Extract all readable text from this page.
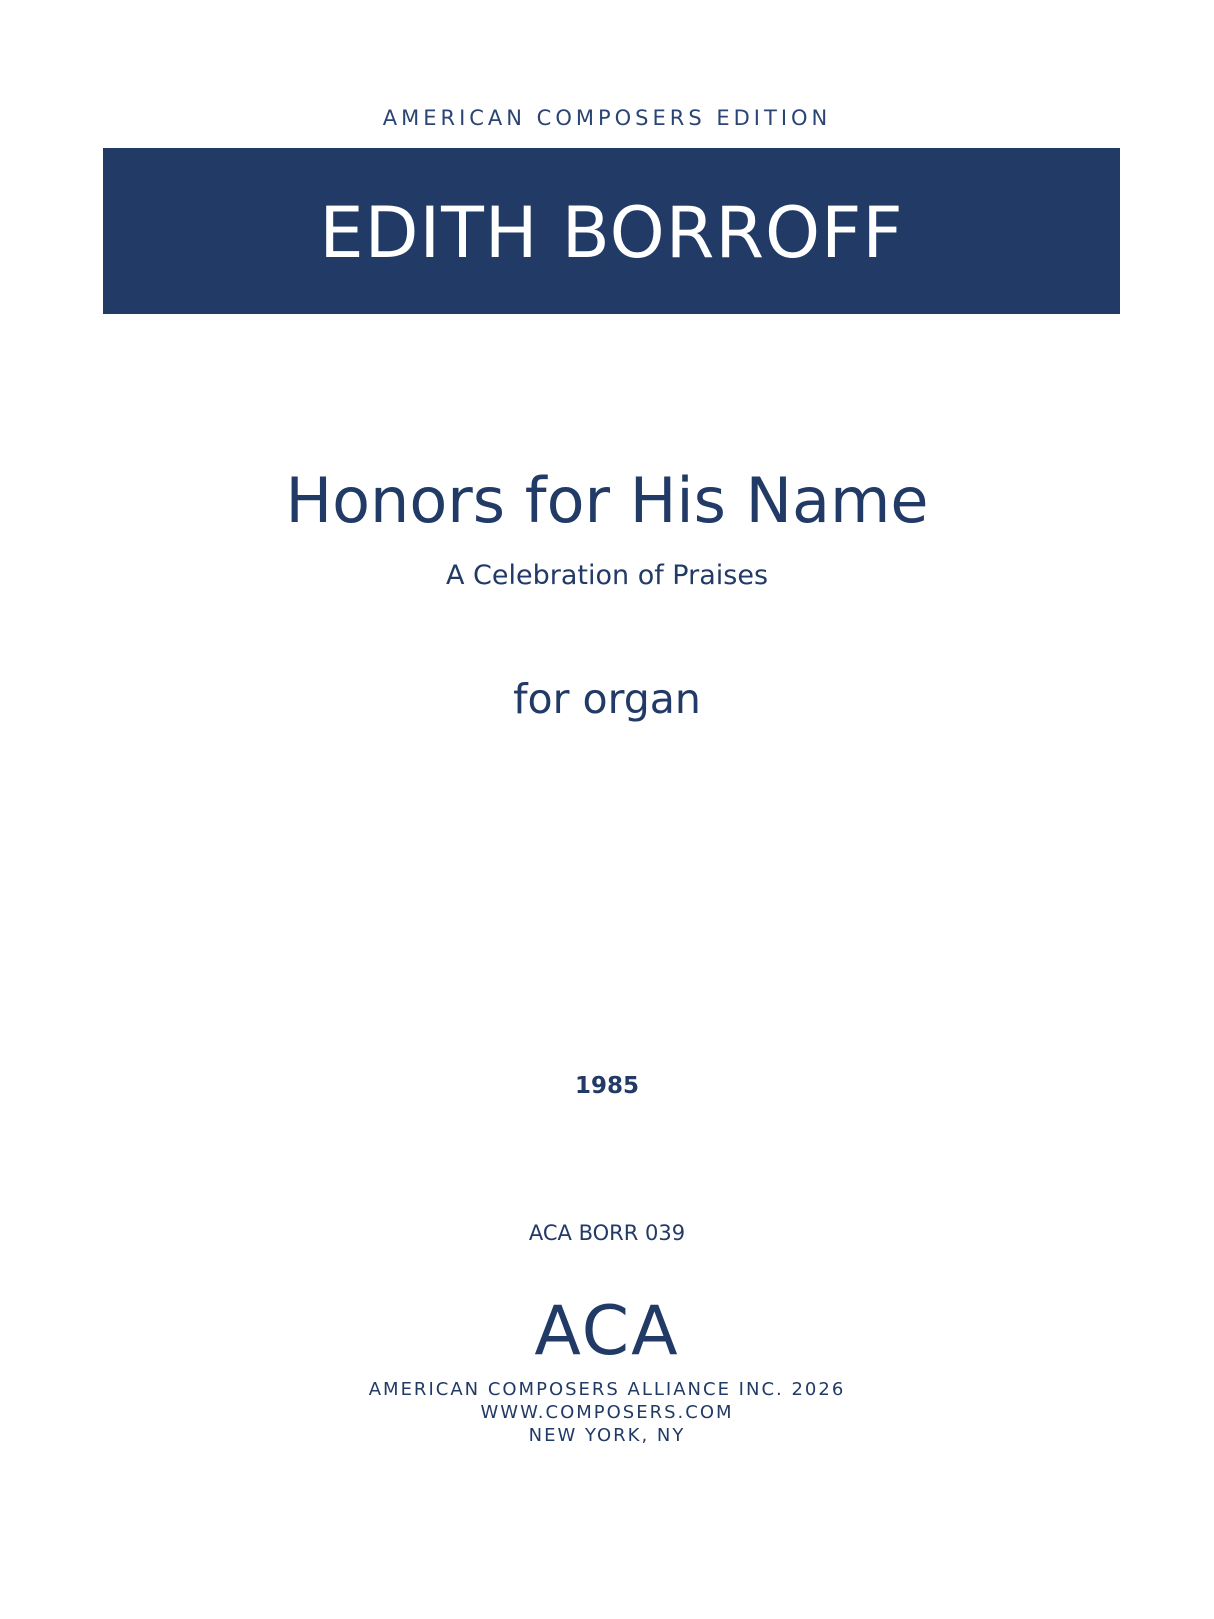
AMERICAN COMPOSERS EDITION
EDITH BORROFF
Honors for His Name
A Celebration of Praises
for organ
1985
ACA BORR 039
ACA
AMERICAN COMPOSERS ALLIANCE INC. 2026
WWW.COMPOSERS.COM
NEW YORK, NY
